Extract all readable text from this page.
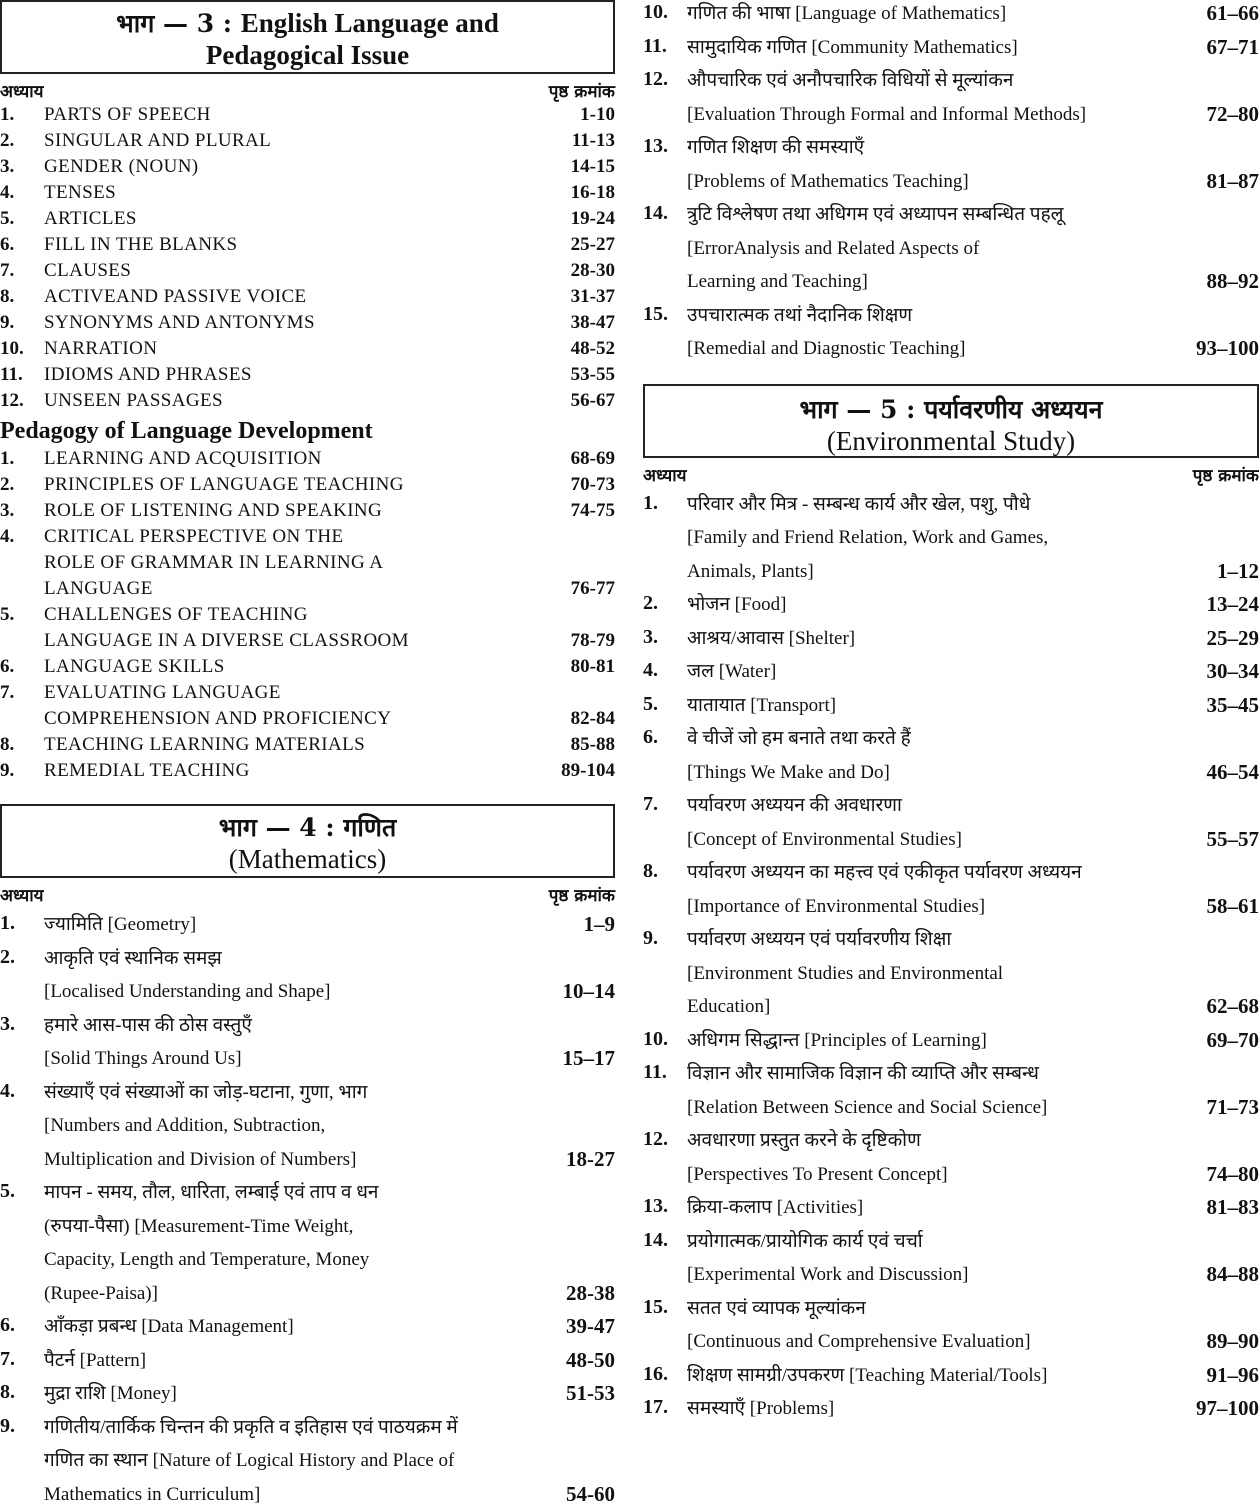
भाग — 3 : English Language and
Pedagogical Issue
अध्याय	पृष्ठ क्रमांक
1.	PARTS OF SPEECH	1-10
2.	SINGULAR AND PLURAL	11-13
3.	GENDER (NOUN)	14-15
4.	TENSES	16-18
5.	ARTICLES	19-24
6.	FILL IN THE BLANKS	25-27
7.	CLAUSES	28-30
8.	ACTIVEAND PASSIVE VOICE	31-37
9.	SYNONYMS AND ANTONYMS	38-47
10.	NARRATION	48-52
11.	IDIOMS AND PHRASES	53-55
12.	UNSEEN PASSAGES	56-67
Pedagogy of Language Development
1.	LEARNING AND ACQUISITION	68-69
2.	PRINCIPLES OF LANGUAGE TEACHING	70-73
3.	ROLE OF LISTENING AND SPEAKING	74-75
4.	CRITICAL PERSPECTIVE ON THE
ROLE OF GRAMMAR IN LEARNING A
LANGUAGE	76-77
5.	CHALLENGES OF TEACHING
LANGUAGE IN A DIVERSE CLASSROOM	78-79
6.	LANGUAGE SKILLS	80-81
7.	EVALUATING LANGUAGE
COMPREHENSION AND PROFICIENCY	82-84
8.	TEACHING LEARNING MATERIALS	85-88
9.	REMEDIAL TEACHING	89-104
भाग — 4 : गणित
(Mathematics)
अध्याय	पृष्ठ क्रमांक
1.	ज्यामिति [Geometry]	1–9
2.	आकृति एवं स्थानिक समझ
[Localised Understanding and Shape]	10–14
3.	हमारे आस-पास की ठोस वस्तुएँ
[Solid Things Around Us]	15–17
4.	संख्याएँ एवं संख्याओं का जोड़-घटाना, गुणा, भाग
[Numbers and Addition, Subtraction,
Multiplication and Division of Numbers]	18-27
5.	मापन - समय, तौल, धारिता, लम्बाई एवं ताप व धन
(रुपया-पैसा) [Measurement-Time Weight,
Capacity, Length and Temperature, Money
(Rupee-Paisa)]	28-38
6.	आँकड़ा प्रबन्ध [Data Management]	39-47
7.	पैटर्न [Pattern]	48-50
8.	मुद्रा राशि [Money]	51-53
9.	गणितीय/तार्किक चिन्तन की प्रकृति व इतिहास एवं पाठयक्रम में
गणित का स्थान [Nature of Logical History and Place of
Mathematics in Curriculum]	54-60
10.	गणित की भाषा [Language of Mathematics]	61–66
11.	सामुदायिक गणित [Community Mathematics]	67–71
12.	औपचारिक एवं अनौपचारिक विधियों से मूल्यांकन
[Evaluation Through Formal and Informal Methods]	72–80
13.	गणित शिक्षण की समस्याएँ
[Problems of Mathematics Teaching]	81–87
14.	त्रुटि विश्लेषण तथा अधिगम एवं अध्यापन सम्बन्धित पहलू
[ErrorAnalysis and Related Aspects of
Learning and Teaching]	88–92
15.	उपचारात्मक तथां नैदानिक शिक्षण
[Remedial and Diagnostic Teaching]	93–100
भाग — 5 : पर्यावरणीय अध्ययन
(Environmental Study)
अध्याय	पृष्ठ क्रमांक
1.	परिवार और मित्र - सम्बन्ध कार्य और खेल, पशु, पौधे
[Family and Friend Relation, Work and Games,
Animals, Plants]	1–12
2.	भोजन [Food]	13–24
3.	आश्रय/आवास [Shelter]	25–29
4.	जल [Water]	30–34
5.	यातायात [Transport]	35–45
6.	वे चीजें जो हम बनाते तथा करते हैं
[Things We Make and Do]	46–54
7.	पर्यावरण अध्ययन की अवधारणा
[Concept of Environmental Studies]	55–57
8.	पर्यावरण अध्ययन का महत्त्व एवं एकीकृत पर्यावरण अध्ययन
[Importance of Environmental Studies]	58–61
9.	पर्यावरण अध्ययन एवं पर्यावरणीय शिक्षा
[Environment Studies and Environmental
Education]	62–68
10.	अधिगम सिद्धान्त [Principles of Learning]	69–70
11.	विज्ञान और सामाजिक विज्ञान की व्याप्ति और सम्बन्ध
[Relation Between Science and Social Science]	71–73
12.	अवधारणा प्रस्तुत करने के दृष्टिकोण
[Perspectives To Present Concept]	74–80
13.	क्रिया-कलाप [Activities]	81–83
14.	प्रयोगात्मक/प्रायोगिक कार्य एवं चर्चा
[Experimental Work and Discussion]	84–88
15.	सतत एवं व्यापक मूल्यांकन
[Continuous and Comprehensive Evaluation]	89–90
16.	शिक्षण सामग्री/उपकरण [Teaching Material/Tools]	91–96
17.	समस्याएँ [Problems]	97–100
